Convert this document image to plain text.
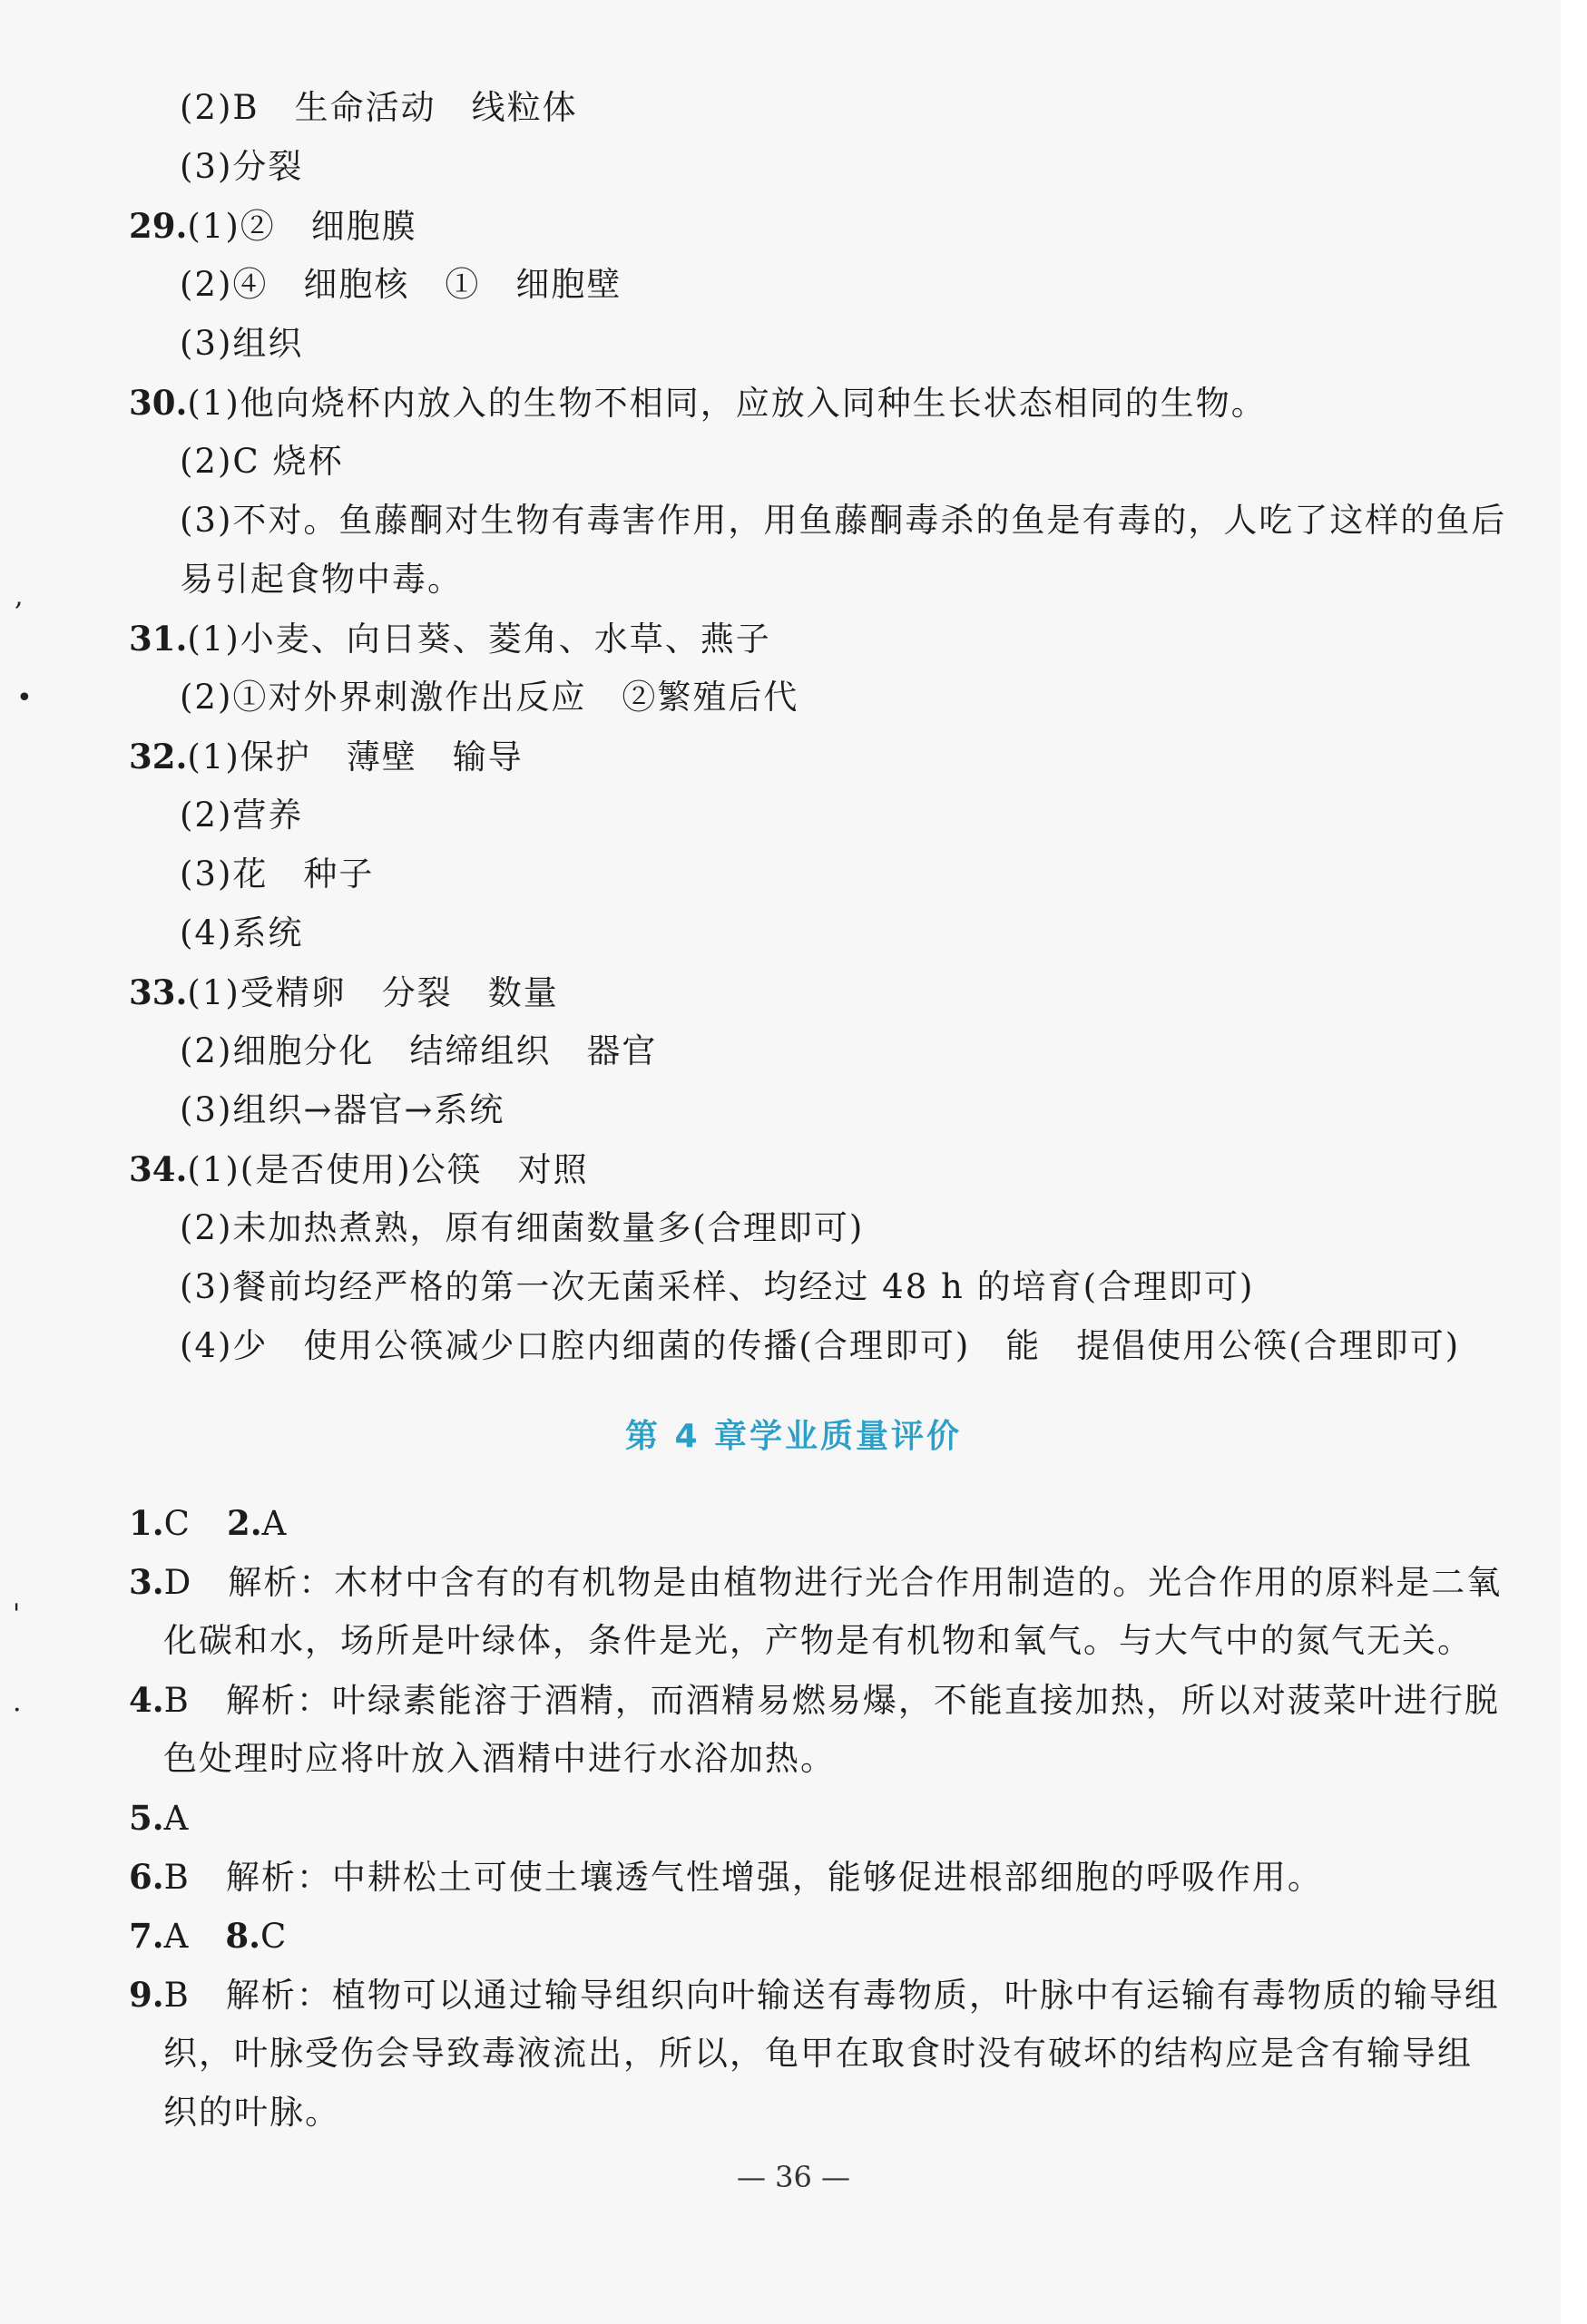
,
•
'
·
(2)B　生命活动　线粒体
(3)分裂
29.(1)②　细胞膜
(2)④　细胞核　①　细胞壁
(3)组织
30.(1)他向烧杯内放入的生物不相同，应放入同种生长状态相同的生物。
(2)C 烧杯
(3)不对。鱼藤酮对生物有毒害作用，用鱼藤酮毒杀的鱼是有毒的，人吃了这样的鱼后
易引起食物中毒。
31.(1)小麦、向日葵、菱角、水草、燕子
(2)①对外界刺激作出反应　②繁殖后代
32.(1)保护　薄壁　输导
(2)营养
(3)花　种子
(4)系统
33.(1)受精卵　分裂　数量
(2)细胞分化　结缔组织　器官
(3)组织→器官→系统
34.(1)(是否使用)公筷　对照
(2)未加热煮熟，原有细菌数量多(合理即可)
(3)餐前均经严格的第一次无菌采样、均经过 48 h 的培育(合理即可)
(4)少　使用公筷减少口腔内细菌的传播(合理即可)　能　提倡使用公筷(合理即可)
第 4 章学业质量评价
1.C　2.A
3.D　解析：木材中含有的有机物是由植物进行光合作用制造的。光合作用的原料是二氧
化碳和水，场所是叶绿体，条件是光，产物是有机物和氧气。与大气中的氮气无关。
4.B　解析：叶绿素能溶于酒精，而酒精易燃易爆，不能直接加热，所以对菠菜叶进行脱
色处理时应将叶放入酒精中进行水浴加热。
5.A
6.B　解析：中耕松土可使土壤透气性增强，能够促进根部细胞的呼吸作用。
7.A　8.C
9.B　解析：植物可以通过输导组织向叶输送有毒物质，叶脉中有运输有毒物质的输导组
织，叶脉受伤会导致毒液流出，所以，龟甲在取食时没有破坏的结构应是含有输导组
织的叶脉。
— 36 —
